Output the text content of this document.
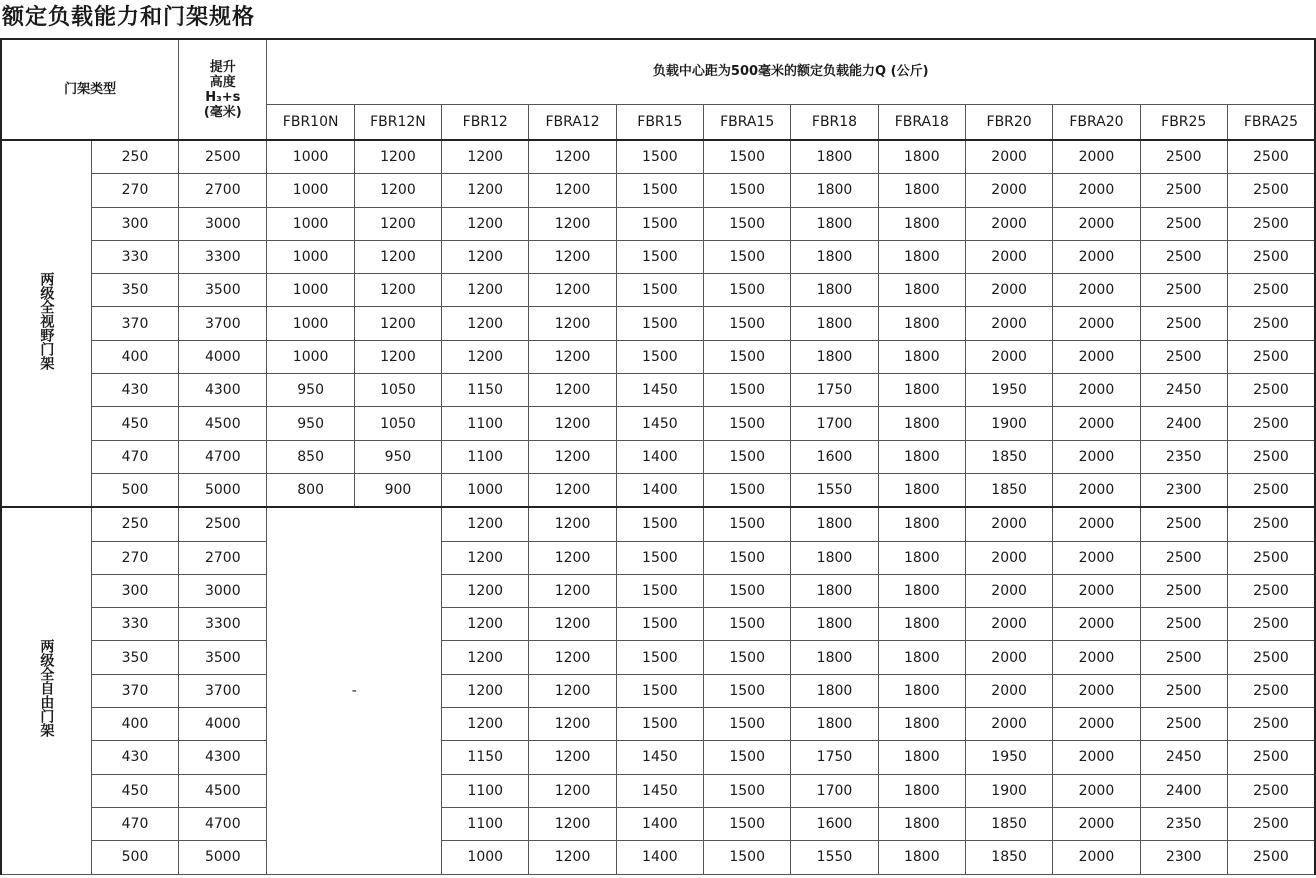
额定负载能力和门架规格
门架类型		提升
高度
H₃+s
(毫米)	负载中心距为500毫米的额定负载能力Q (公斤)											
			FBR10N	FBR12N	FBR12	FBRA12	FBR15	FBRA15	FBR18	FBRA18	FBR20	FBRA20	FBR25	FBRA25
两级全视野门架	250	2500	1000	1200	1200	1200	1500	1500	1800	1800	2000	2000	2500	2500
	270	2700	1000	1200	1200	1200	1500	1500	1800	1800	2000	2000	2500	2500
	300	3000	1000	1200	1200	1200	1500	1500	1800	1800	2000	2000	2500	2500
	330	3300	1000	1200	1200	1200	1500	1500	1800	1800	2000	2000	2500	2500
	350	3500	1000	1200	1200	1200	1500	1500	1800	1800	2000	2000	2500	2500
	370	3700	1000	1200	1200	1200	1500	1500	1800	1800	2000	2000	2500	2500
	400	4000	1000	1200	1200	1200	1500	1500	1800	1800	2000	2000	2500	2500
	430	4300	950	1050	1150	1200	1450	1500	1750	1800	1950	2000	2450	2500
	450	4500	950	1050	1100	1200	1450	1500	1700	1800	1900	2000	2400	2500
	470	4700	850	950	1100	1200	1400	1500	1600	1800	1850	2000	2350	2500
	500	5000	800	900	1000	1200	1400	1500	1550	1800	1850	2000	2300	2500
两级全自由门架	250	2500	-		1200	1200	1500	1500	1800	1800	2000	2000	2500	2500
	270	2700			1200	1200	1500	1500	1800	1800	2000	2000	2500	2500
	300	3000			1200	1200	1500	1500	1800	1800	2000	2000	2500	2500
	330	3300			1200	1200	1500	1500	1800	1800	2000	2000	2500	2500
	350	3500			1200	1200	1500	1500	1800	1800	2000	2000	2500	2500
	370	3700			1200	1200	1500	1500	1800	1800	2000	2000	2500	2500
	400	4000			1200	1200	1500	1500	1800	1800	2000	2000	2500	2500
	430	4300			1150	1200	1450	1500	1750	1800	1950	2000	2450	2500
	450	4500			1100	1200	1450	1500	1700	1800	1900	2000	2400	2500
	470	4700			1100	1200	1400	1500	1600	1800	1850	2000	2350	2500
	500	5000			1000	1200	1400	1500	1550	1800	1850	2000	2300	2500
